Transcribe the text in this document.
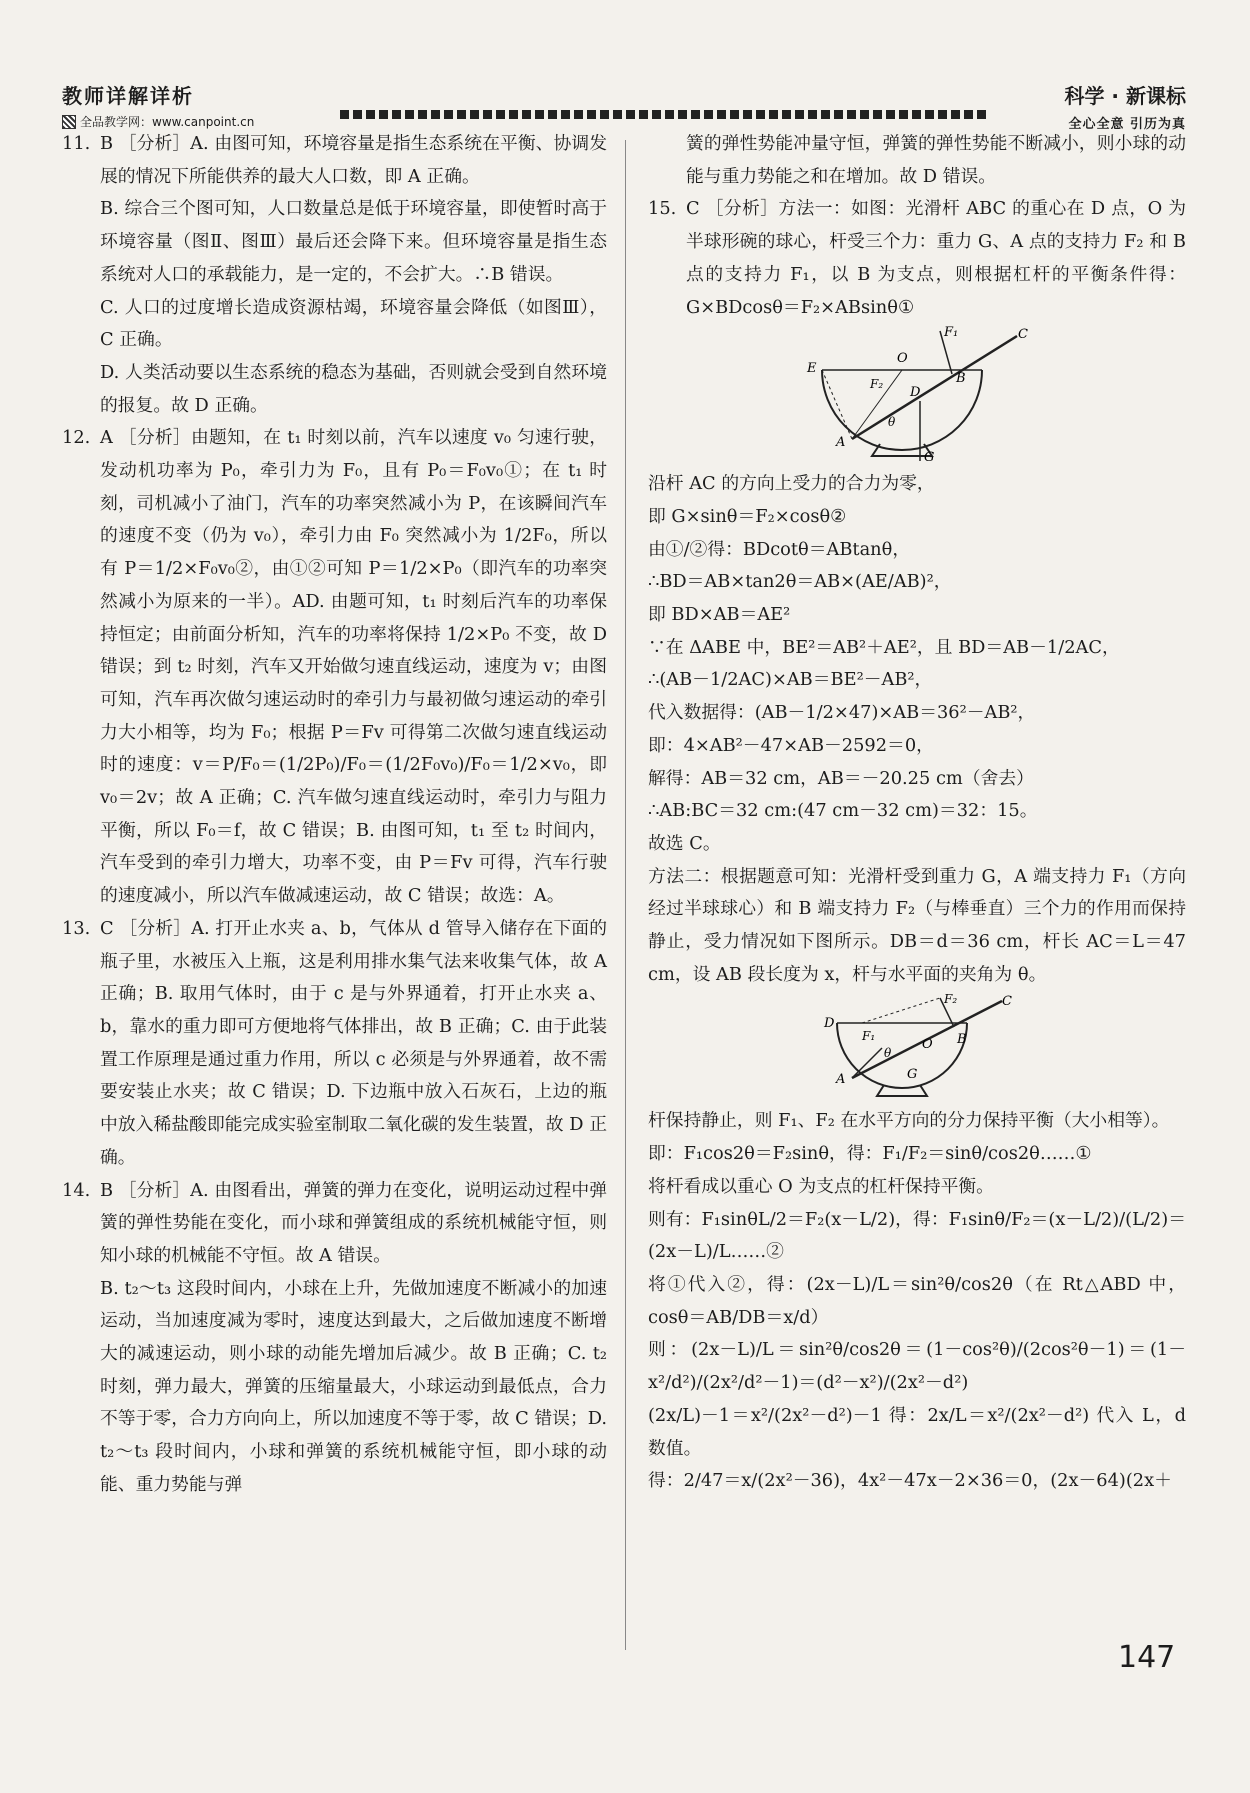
教师详解详析
全品教学网：www.canpoint.cn
科学 · 新课标
全心全意 引历为真
11. B ［分析］A. 由图可知，环境容量是指生态系统在平衡、协调发展的情况下所能供养的最大人口数，即 A 正确。

B. 综合三个图可知，人口数量总是低于环境容量，即使暂时高于环境容量（图Ⅱ、图Ⅲ）最后还会降下来。但环境容量是指生态系统对人口的承载能力，是一定的，不会扩大。∴B 错误。

C. 人口的过度增长造成资源枯竭，环境容量会降低（如图Ⅲ），C 正确。

D. 人类活动要以生态系统的稳态为基础，否则就会受到自然环境的报复。故 D 正确。

12. A ［分析］由题知，在 t₁ 时刻以前，汽车以速度 v₀ 匀速行驶，发动机功率为 P₀，牵引力为 F₀，且有 P₀＝F₀v₀①；在 t₁ 时刻，司机减小了油门，汽车的功率突然减小为 P，在该瞬间汽车的速度不变（仍为 v₀），牵引力由 F₀ 突然减小为 1/2F₀，所以有 P＝1/2×F₀v₀②，由①②可知 P＝1/2×P₀（即汽车的功率突然减小为原来的一半）。AD. 由题可知，t₁ 时刻后汽车的功率保持恒定；由前面分析知，汽车的功率将保持 1/2×P₀ 不变，故 D 错误；到 t₂ 时刻，汽车又开始做匀速直线运动，速度为 v；由图可知，汽车再次做匀速运动时的牵引力与最初做匀速运动的牵引力大小相等，均为 F₀；根据 P＝Fv 可得第二次做匀速直线运动时的速度：v＝P/F₀＝(1/2P₀)/F₀＝(1/2F₀v₀)/F₀＝1/2×v₀，即 v₀＝2v；故 A 正确；C. 汽车做匀速直线运动时，牵引力与阻力平衡，所以 F₀＝f，故 C 错误；B. 由图可知，t₁ 至 t₂ 时间内，汽车受到的牵引力增大，功率不变，由 P＝Fv 可得，汽车行驶的速度减小，所以汽车做减速运动，故 C 错误；故选：A。

13. C ［分析］A. 打开止水夹 a、b，气体从 d 管导入储存在下面的瓶子里，水被压入上瓶，这是利用排水集气法来收集气体，故 A 正确；B. 取用气体时，由于 c 是与外界通着，打开止水夹 a、b，靠水的重力即可方便地将气体排出，故 B 正确；C. 由于此装置工作原理是通过重力作用，所以 c 必须是与外界通着，故不需要安装止水夹；故 C 错误；D. 下边瓶中放入石灰石，上边的瓶中放入稀盐酸即能完成实验室制取二氧化碳的发生装置，故 D 正确。

14. B ［分析］A. 由图看出，弹簧的弹力在变化，说明运动过程中弹簧的弹性势能在变化，而小球和弹簧组成的系统机械能守恒，则知小球的机械能不守恒。故 A 错误。

B. t₂～t₃ 这段时间内，小球在上升，先做加速度不断减小的加速运动，当加速度减为零时，速度达到最大，之后做加速度不断增大的减速运动，则小球的动能先增加后减少。故 B 正确；C. t₂ 时刻，弹力最大，弹簧的压缩量最大，小球运动到最低点，合力不等于零，合力方向向上，所以加速度不等于零，故 C 错误；D. t₂～t₃ 段时间内，小球和弹簧的系统机械能守恒，即小球的动能、重力势能与弹

簧的弹性势能冲量守恒，弹簧的弹性势能不断减小，则小球的动能与重力势能之和在增加。故 D 错误。

15. C ［分析］方法一：如图：光滑杆 ABC 的重心在 D 点，O 为半球形碗的球心，杆受三个力：重力 G、A 点的支持力 F₂ 和 B 点的支持力 F₁，以 B 为支点，则根据杠杆的平衡条件得：G×BDcosθ＝F₂×ABsinθ①

F₁	C
O
E
F₂
θ
D
B
A
G

沿杆 AC 的方向上受力的合力为零，

即 G×sinθ＝F₂×cosθ②

由①/②得：BDcotθ＝ABtanθ，

∴BD＝AB×tan2θ＝AB×(AE/AB)²，

即 BD×AB＝AE²

∵在 ΔABE 中，BE²＝AB²＋AE²，且 BD＝AB－1/2AC，

∴(AB－1/2AC)×AB＝BE²－AB²，

代入数据得：(AB－1/2×47)×AB＝36²－AB²，

即：4×AB²－47×AB－2592＝0，

解得：AB＝32 cm，AB＝－20.25 cm（舍去）

∴AB:BC＝32 cm:(47 cm－32 cm)＝32：15。

故选 C。

方法二：根据题意可知：光滑杆受到重力 G，A 端支持力 F₁（方向经过半球球心）和 B 端支持力 F₂（与棒垂直）三个力的作用而保持静止，受力情况如下图所示。DB＝d＝36 cm，杆长 AC＝L＝47 cm，设 AB 段长度为 x，杆与水平面的夹角为 θ。

F₂	C
D
F₁
θ
O B
A	G

杆保持静止，则 F₁、F₂ 在水平方向的分力保持平衡（大小相等）。

即：F₁cos2θ＝F₂sinθ，得：F₁/F₂＝sinθ/cos2θ……①

将杆看成以重心 O 为支点的杠杆保持平衡。

则有：F₁sinθL/2＝F₂(x－L/2)，得：F₁sinθ/F₂＝(x－L/2)/(L/2)＝(2x－L)/L……②

将①代入②，得：(2x－L)/L＝sin²θ/cos2θ（在 Rt△ABD 中，cosθ＝AB/DB＝x/d）

则：(2x－L)/L＝sin²θ/cos2θ＝(1－cos²θ)/(2cos²θ－1)＝(1－x²/d²)/(2x²/d²－1)＝(d²－x²)/(2x²－d²)

(2x/L)－1＝x²/(2x²－d²)－1 得：2x/L＝x²/(2x²－d²) 代入 L，d 数值。

得：2/47＝x/(2x²－36)，4x²－47x－2×36＝0，(2x－64)(2x＋

147
